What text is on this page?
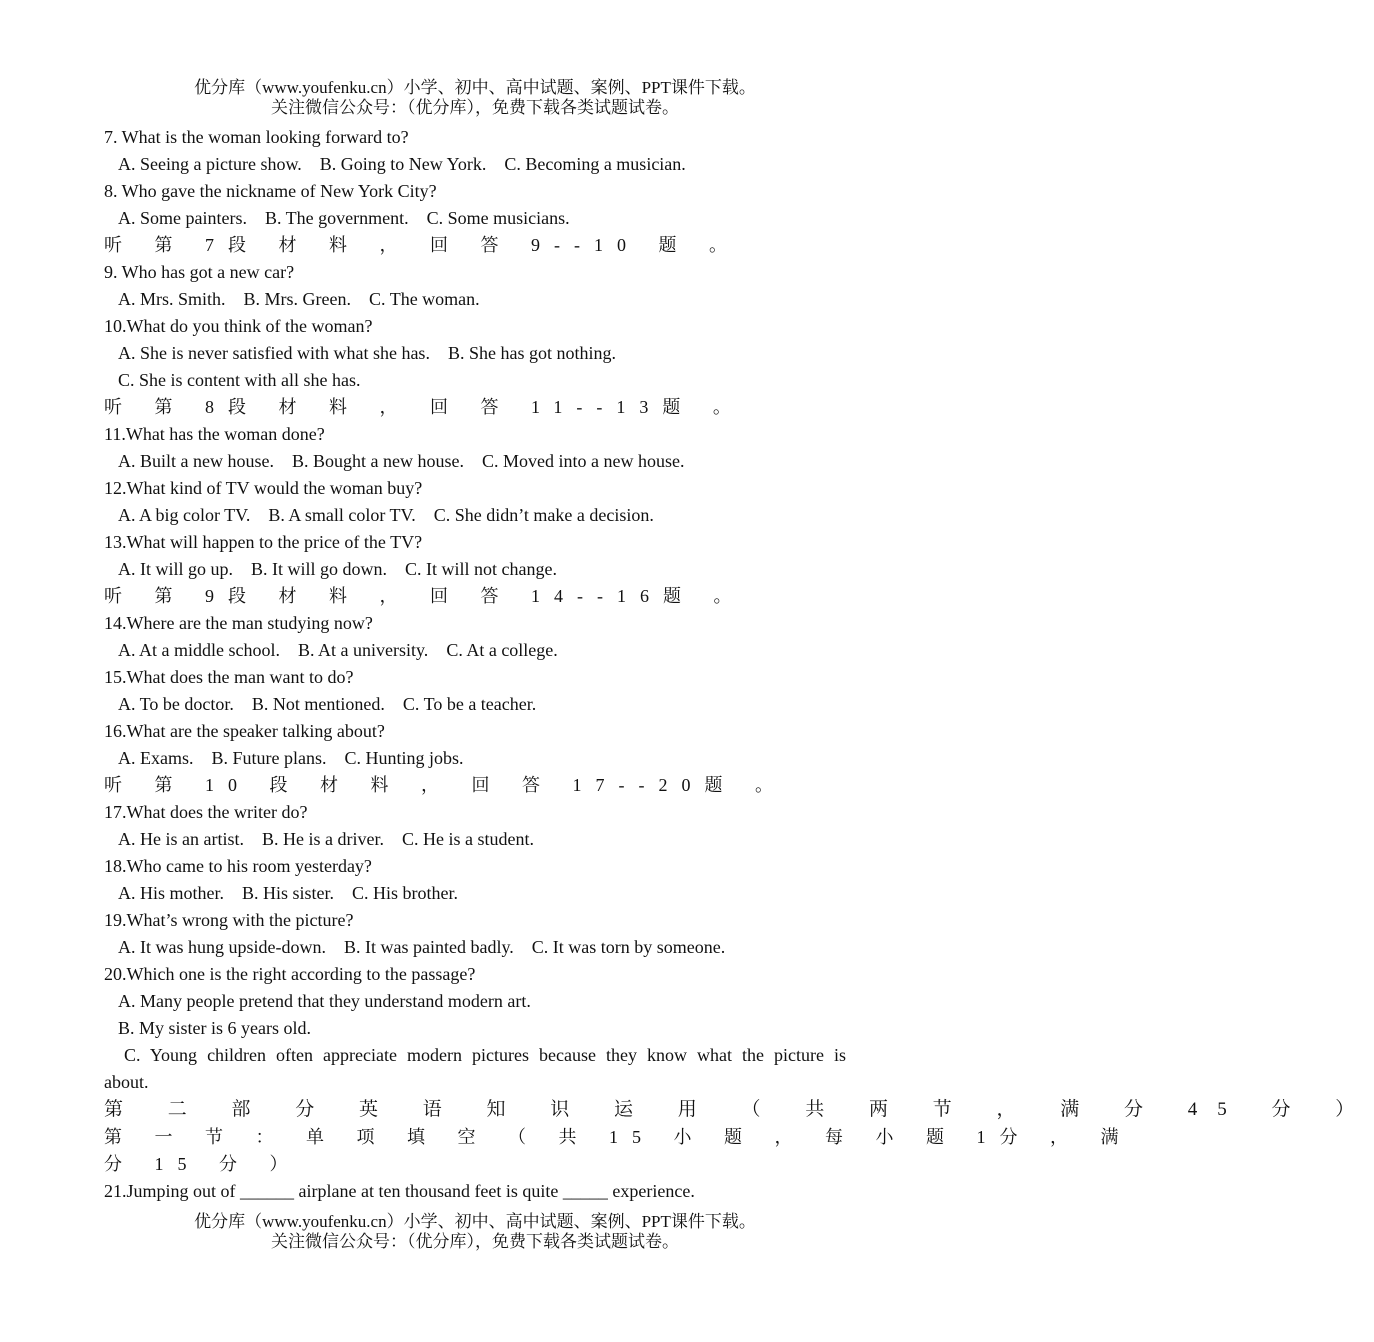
优分库（www.youfenku.cn）小学、初中、高中试题、案例、PPT课件下载。
关注微信公众号：（优分库），免费下载各类试题试卷。
7. What is the woman looking forward to?
A. Seeing a picture show. B. Going to New York. C. Becoming a musician.
8. Who gave the nickname of New York City?
A. Some painters. B. The government. C. Some musicians.
听 第 7段 材 料 ， 回 答 9--10 题 。
9. Who has got a new car?
A. Mrs. Smith. B. Mrs. Green. C. The woman.
10.What do you think of the woman?
A. She is never satisfied with what she has. B. She has got nothing.
C. She is content with all she has.
听 第 8段 材 料 ， 回 答 11--13题 。
11.What has the woman done?
A. Built a new house. B. Bought a new house. C. Moved into a new house.
12.What kind of TV would the woman buy?
A. A big color TV. B. A small color TV. C. She didn’t make a decision.
13.What will happen to the price of the TV?
A. It will go up. B. It will go down. C. It will not change.
听 第 9段 材 料 ， 回 答 14--16题 。
14.Where are the man studying now?
A. At a middle school. B. At a university. C. At a college.
15.What does the man want to do?
A. To be doctor. B. Not mentioned. C. To be a teacher.
16.What are the speaker talking about?
A. Exams. B. Future plans. C. Hunting jobs.
听 第 10 段 材 料 ， 回 答 17--20题 。
17.What does the writer do?
A. He is an artist. B. He is a driver. C. He is a student.
18.Who came to his room yesterday?
A. His mother. B. His sister. C. His brother.
19.What’s wrong with the picture?
A. It was hung upside-down. B. It was painted badly. C. It was torn by someone.
20.Which one is the right according to the passage?
A. Many people pretend that they understand modern art.
B. My sister is 6 years old.
C. Young children often appreciate modern pictures because they know what the picture is
about.
第 二 部 分 英 语 知 识 运 用 （ 共 两 节 ， 满 分 45 分 ）
第 一 节 ： 单 项 填 空 （ 共 15 小 题 ， 每 小 题 1分 ， 满
分 15 分 ）
21.Jumping out of ______ airplane at ten thousand feet is quite _____ experience.
优分库（www.youfenku.cn）小学、初中、高中试题、案例、PPT课件下载。
关注微信公众号：（优分库），免费下载各类试题试卷。
